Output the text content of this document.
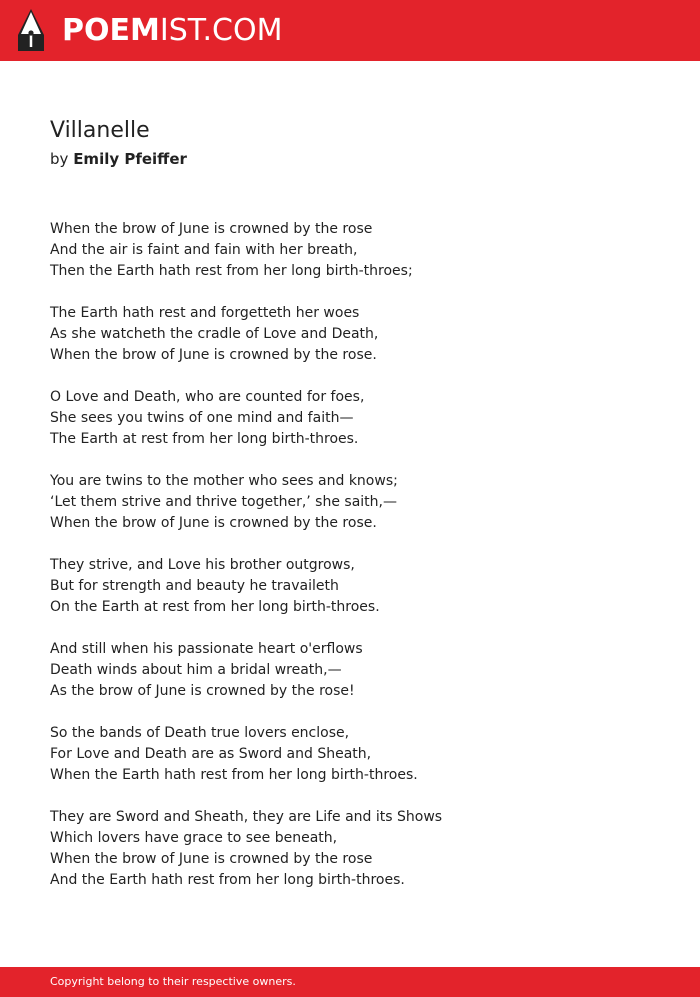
POEMIST.COM
Villanelle
by Emily Pfeiffer
When the brow of June is crowned by the rose
And the air is faint and fain with her breath,
Then the Earth hath rest from her long birth-throes;
The Earth hath rest and forgetteth her woes
As she watcheth the cradle of Love and Death,
When the brow of June is crowned by the rose.
O Love and Death, who are counted for foes,
She sees you twins of one mind and faith—
The Earth at rest from her long birth-throes.
You are twins to the mother who sees and knows;
‘Let them strive and thrive together,’ she saith,—
When the brow of June is crowned by the rose.
They strive, and Love his brother outgrows,
But for strength and beauty he travaileth
On the Earth at rest from her long birth-throes.
And still when his passionate heart o'erflows
Death winds about him a bridal wreath,—
As the brow of June is crowned by the rose!
So the bands of Death true lovers enclose,
For Love and Death are as Sword and Sheath,
When the Earth hath rest from her long birth-throes.
They are Sword and Sheath, they are Life and its Shows
Which lovers have grace to see beneath,
When the brow of June is crowned by the rose
And the Earth hath rest from her long birth-throes.
Copyright belong to their respective owners.
